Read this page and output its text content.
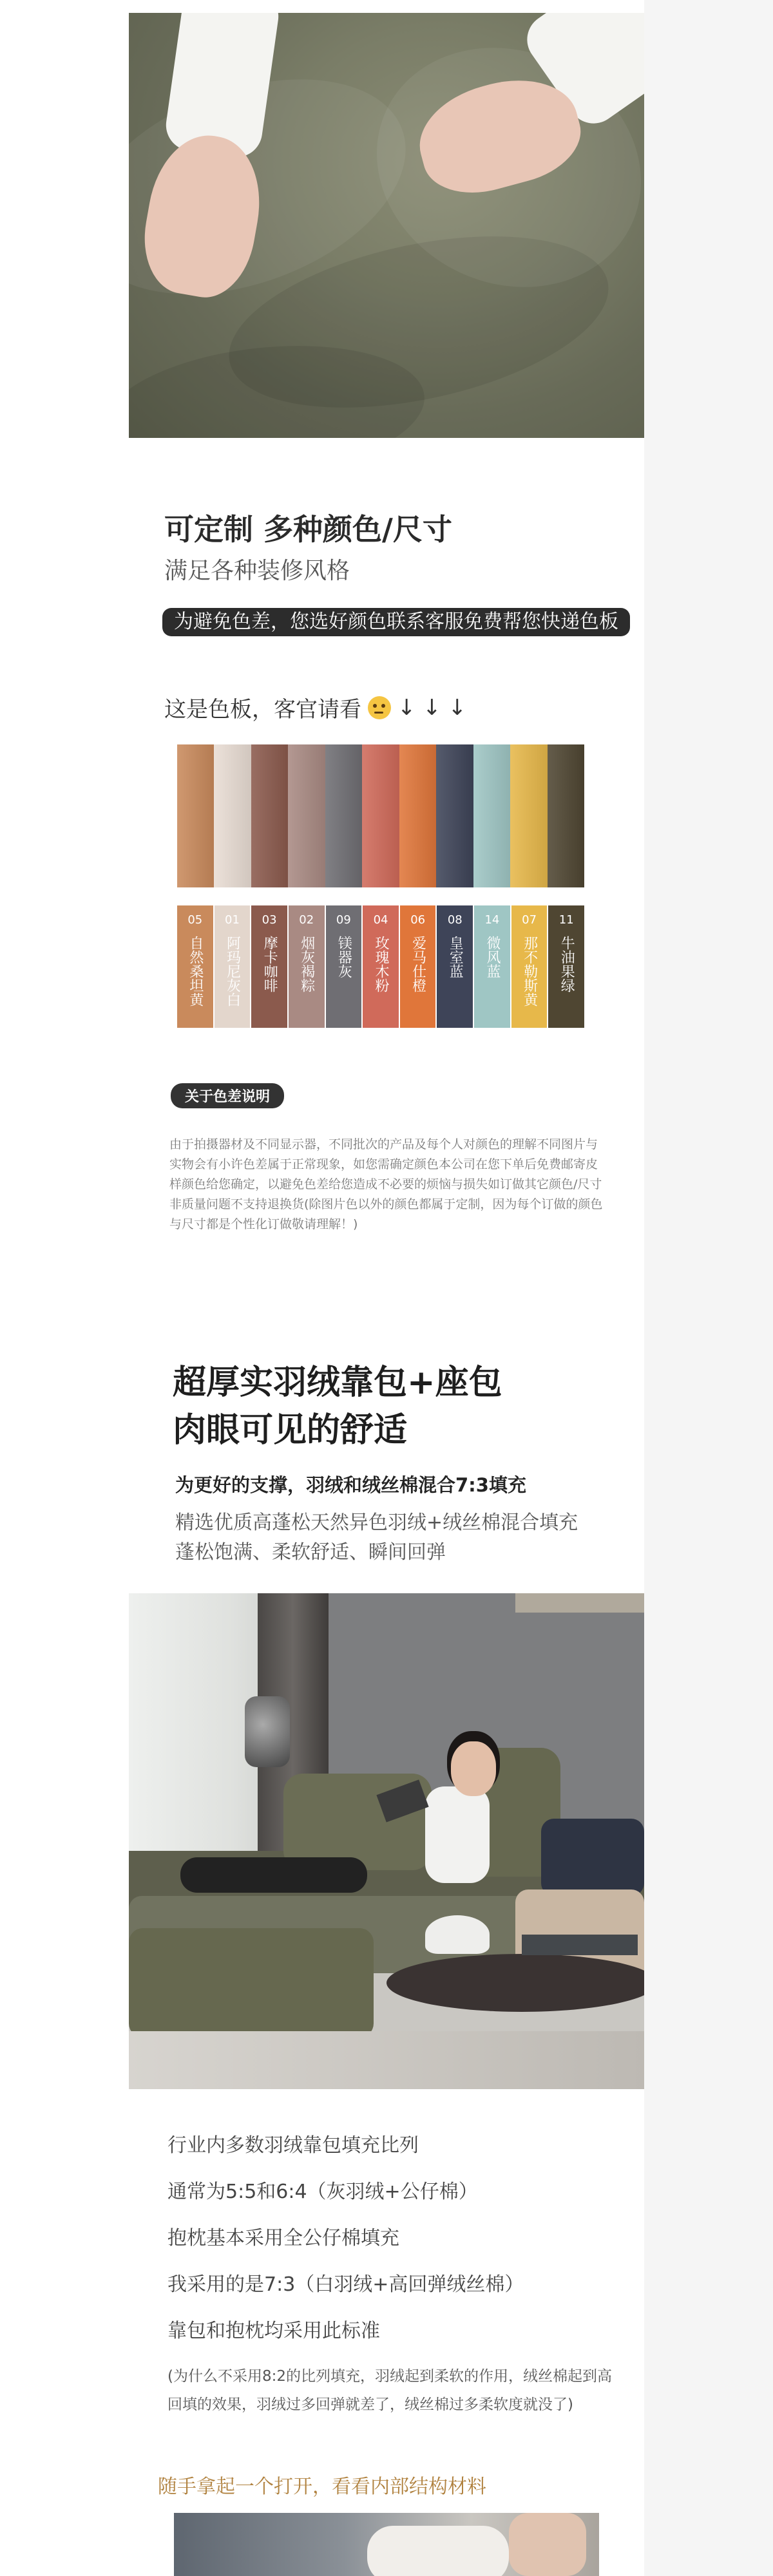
可定制 多种颜色/尺寸
满足各种装修风格
为避免色差，您选好颜色联系客服免费帮您快递色板
这是色板，客官请看 ↓ ↓ ↓
05
自然桑坦黄
01
阿玛尼灰白
03
摩卡咖啡
02
烟灰褐粽
09
镁器灰
04
玫瑰木粉
06
爱马仕橙
08
皇室蓝
14
微风蓝
07
那不勒斯黄
11
牛油果绿
关于色差说明
由于拍摄器材及不同显示器，不同批次的产品及每个人对颜色的理解不同图片与实物会有小许色差属于正常现象，如您需确定颜色本公司在您下单后免费邮寄皮样颜色给您确定，以避免色差给您造成不必要的烦恼与损失如订做其它颜色/尺寸非质量问题不支持退换货(除图片色以外的颜色都属于定制，因为每个订做的颜色与尺寸都是个性化订做敬请理解！)
超厚实羽绒靠包+座包
肉眼可见的舒适
为更好的支撑，羽绒和绒丝棉混合7:3填充
精选优质高蓬松天然异色羽绒+绒丝棉混合填充
蓬松饱满、柔软舒适、瞬间回弹
行业内多数羽绒靠包填充比列
通常为5:5和6:4（灰羽绒+公仔棉）
抱枕基本采用全公仔棉填充
我采用的是7:3（白羽绒+高回弹绒丝棉）
靠包和抱枕均采用此标准
(为什么不采用8:2的比列填充，羽绒起到柔软的作用，绒丝棉起到高回填的效果，羽绒过多回弹就差了，绒丝棉过多柔软度就没了)
随手拿起一个打开，看看内部结构材料
